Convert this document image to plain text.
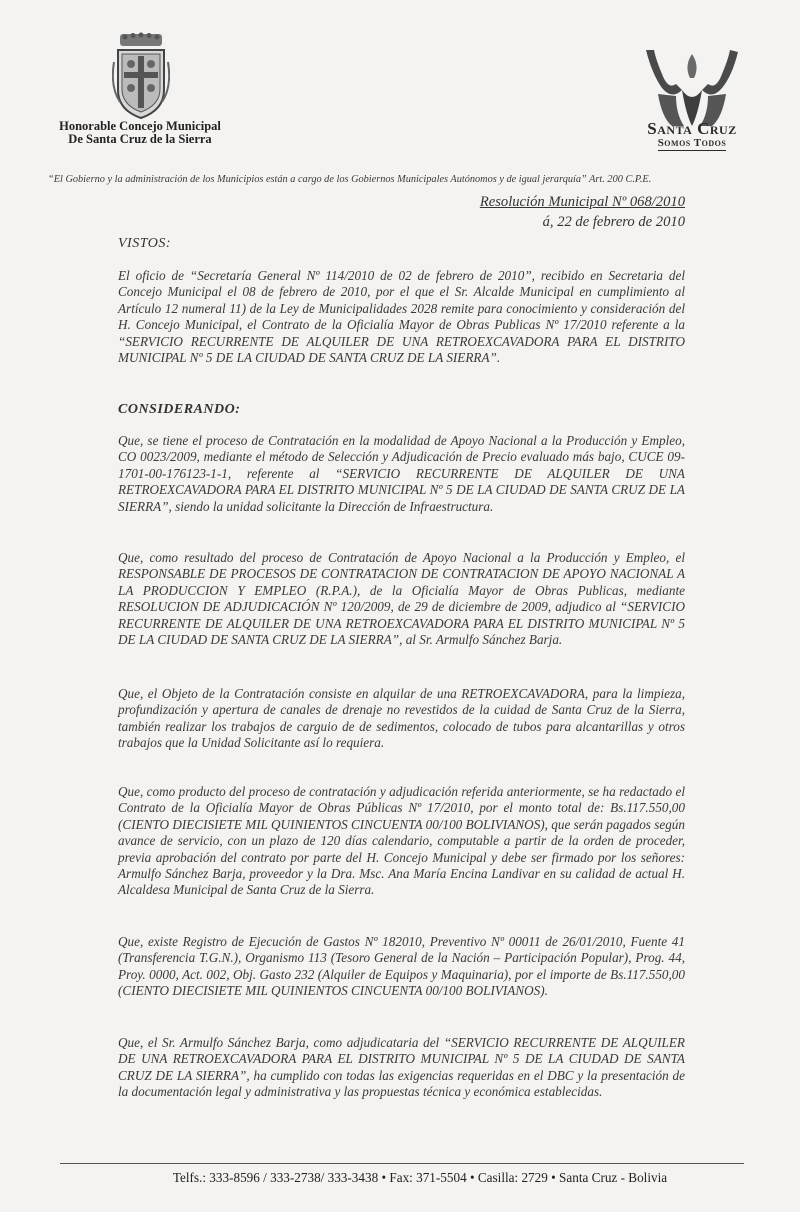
Honorable Concejo Municipal
De Santa Cruz de la Sierra
Santa Cruz
Somos Todos
“El Gobierno y la administración de los Municipios están a cargo de los Gobiernos Municipales Autónomos y de igual jerarquía” Art. 200 C.P.E.
Resolución Municipal Nº 068/2010
á, 22 de febrero de 2010
VISTOS:

El oficio de “Secretaría General Nº 114/2010 de 02 de febrero de 2010”, recibido en Secretaria del Concejo Municipal el 08 de febrero de 2010, por el que el Sr. Alcalde Municipal en cumplimiento al Artículo 12 numeral 11) de la Ley de Municipalidades 2028 remite para conocimiento y consideración del H. Concejo Municipal, el Contrato de la Oficialía Mayor de Obras Publicas Nº 17/2010 referente a la “SERVICIO RECURRENTE DE ALQUILER DE UNA RETROEXCAVADORA PARA EL DISTRITO MUNICIPAL Nº 5 DE LA CIUDAD DE SANTA CRUZ DE LA SIERRA”.

CONSIDERANDO:

Que, se tiene el proceso de Contratación en la modalidad de Apoyo Nacional a la Producción y Empleo, CO 0023/2009, mediante el método de Selección y Adjudicación de Precio evaluado más bajo, CUCE 09-1701-00-176123-1-1, referente al “SERVICIO RECURRENTE DE ALQUILER DE UNA RETROEXCAVADORA PARA EL DISTRITO MUNICIPAL Nº 5 DE LA CIUDAD DE SANTA CRUZ DE LA SIERRA”, siendo la unidad solicitante la Dirección de Infraestructura.

Que, como resultado del proceso de Contratación de Apoyo Nacional a la Producción y Empleo, el RESPONSABLE DE PROCESOS DE CONTRATACION DE CONTRATACION DE APOYO NACIONAL A LA PRODUCCION Y EMPLEO (R.P.A.), de la Oficialía Mayor de Obras Publicas, mediante RESOLUCION DE ADJUDICACIÓN Nº 120/2009, de 29 de diciembre de 2009, adjudico al “SERVICIO RECURRENTE DE ALQUILER DE UNA RETROEXCAVADORA PARA EL DISTRITO MUNICIPAL Nº 5 DE LA CIUDAD DE SANTA CRUZ DE LA SIERRA”, al Sr. Armulfo Sánchez Barja.

Que, el Objeto de la Contratación consiste en alquilar de una RETROEXCAVADORA, para la limpieza, profundización y apertura de canales de drenaje no revestidos de la cuidad de Santa Cruz de la Sierra, también realizar los trabajos de carguio de de sedimentos, colocado de tubos para alcantarillas y otros trabajos que la Unidad Solicitante así lo requiera.

Que, como producto del proceso de contratación y adjudicación referida anteriormente, se ha redactado el Contrato de la Oficialía Mayor de Obras Públicas Nº 17/2010, por el monto total de: Bs.117.550,00 (CIENTO DIECISIETE MIL QUINIENTOS CINCUENTA 00/100 BOLIVIANOS), que serán pagados según avance de servicio, con un plazo de 120 días calendario, computable a partir de la orden de proceder, previa aprobación del contrato por parte del H. Concejo Municipal y debe ser firmado por los señores: Armulfo Sánchez Barja, proveedor y la Dra. Msc. Ana María Encina Landivar en su calidad de actual H. Alcaldesa Municipal de Santa Cruz de la Sierra.

Que, existe Registro de Ejecución de Gastos Nº 182010, Preventivo Nº 00011 de 26/01/2010, Fuente 41 (Transferencia T.G.N.), Organismo 113 (Tesoro General de la Nación – Participación Popular), Prog. 44, Proy. 0000, Act. 002, Obj. Gasto 232 (Alquiler de Equipos y Maquinaria), por el importe de Bs.117.550,00 (CIENTO DIECISIETE MIL QUINIENTOS CINCUENTA 00/100 BOLIVIANOS).

Que, el Sr. Armulfo Sánchez Barja, como adjudicataria del “SERVICIO RECURRENTE DE ALQUILER DE UNA RETROEXCAVADORA PARA EL DISTRITO MUNICIPAL Nº 5 DE LA CIUDAD DE SANTA CRUZ DE LA SIERRA”, ha cumplido con todas las exigencias requeridas en el DBC y la presentación de la documentación legal y administrativa y las propuestas técnica y económica establecidas.

Telfs.: 333-8596 / 333-2738/ 333-3438 • Fax: 371-5504 • Casilla: 2729 • Santa Cruz - Bolivia
